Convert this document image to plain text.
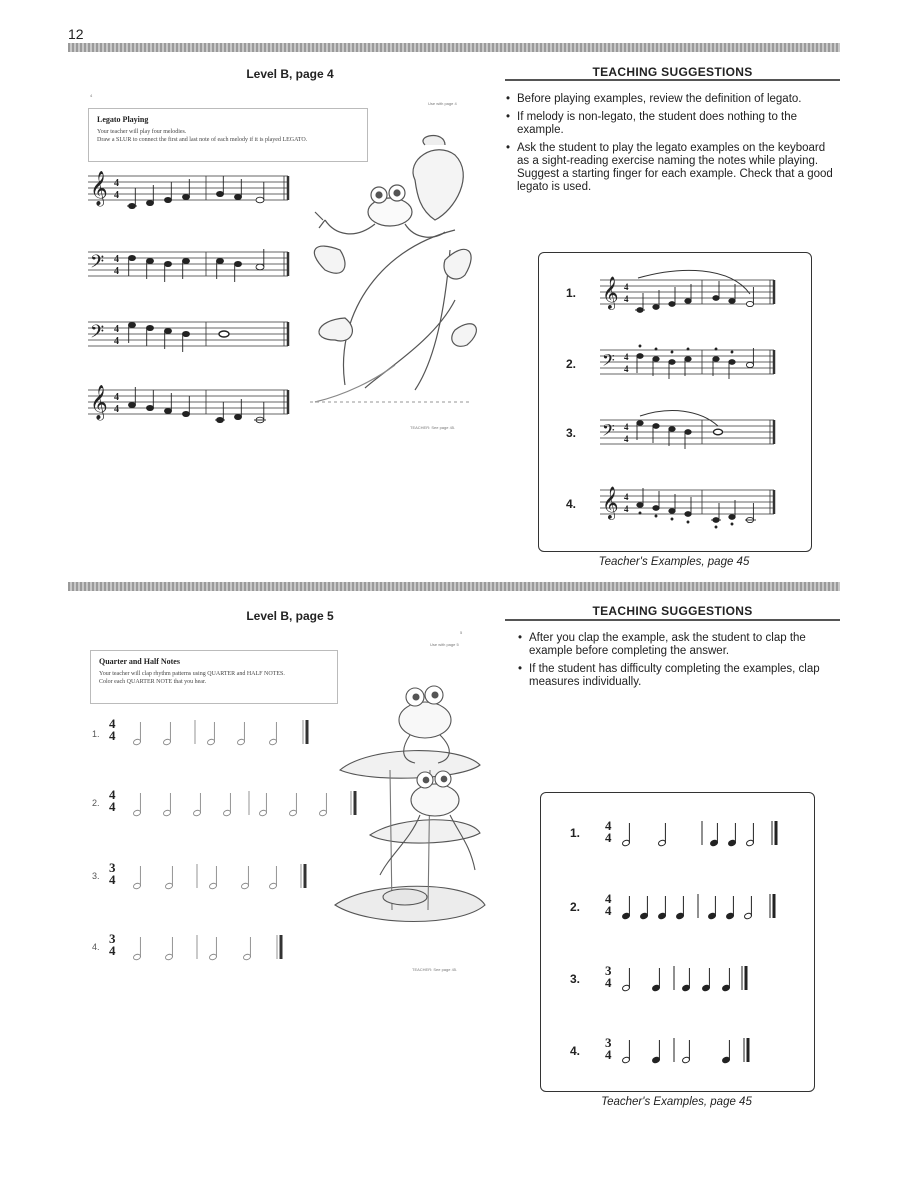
12
Level B, page 4
4
Use with page 4
Legato Playing
Your teacher will play four melodies.
Draw a SLUR to connect the first and last note of each melody if it is played LEGATO.
𝄞 4
4
𝄢 4
4
𝄢 4
4
𝄞 4
4
TEACHER: See page 45.
TEACHING SUGGESTIONS
• Before playing examples, review the definition of legato.
• If melody is non-legato, the student does nothing to the example.
• Ask the student to play the legato examples on the keyboard as a sight-reading exercise naming the notes while playing. Suggest a starting finger for each example. Check that a good legato is used.
1.
2.
3.
4.
𝄞 4
4
𝄢 4
4
𝄢 4
4
𝄞 4
4
Teacher's Examples, page 45
Level B, page 5
5
Use with page 5
Quarter and Half Notes
Your teacher will clap rhythm patterns using QUARTER and HALF NOTES.
Color each QUARTER NOTE that you hear.
1.
2.
3.
4.
4
4
4
4
3
4
3
4
TEACHER: See page 45.
TEACHING SUGGESTIONS
• After you clap the example, ask the student to clap the example before completing the answer.
• If the student has difficulty completing the examples, clap measures individually.
1.
2.
3.
4.
4
4
4
4
3
4
3
4
Teacher's Examples, page 45
